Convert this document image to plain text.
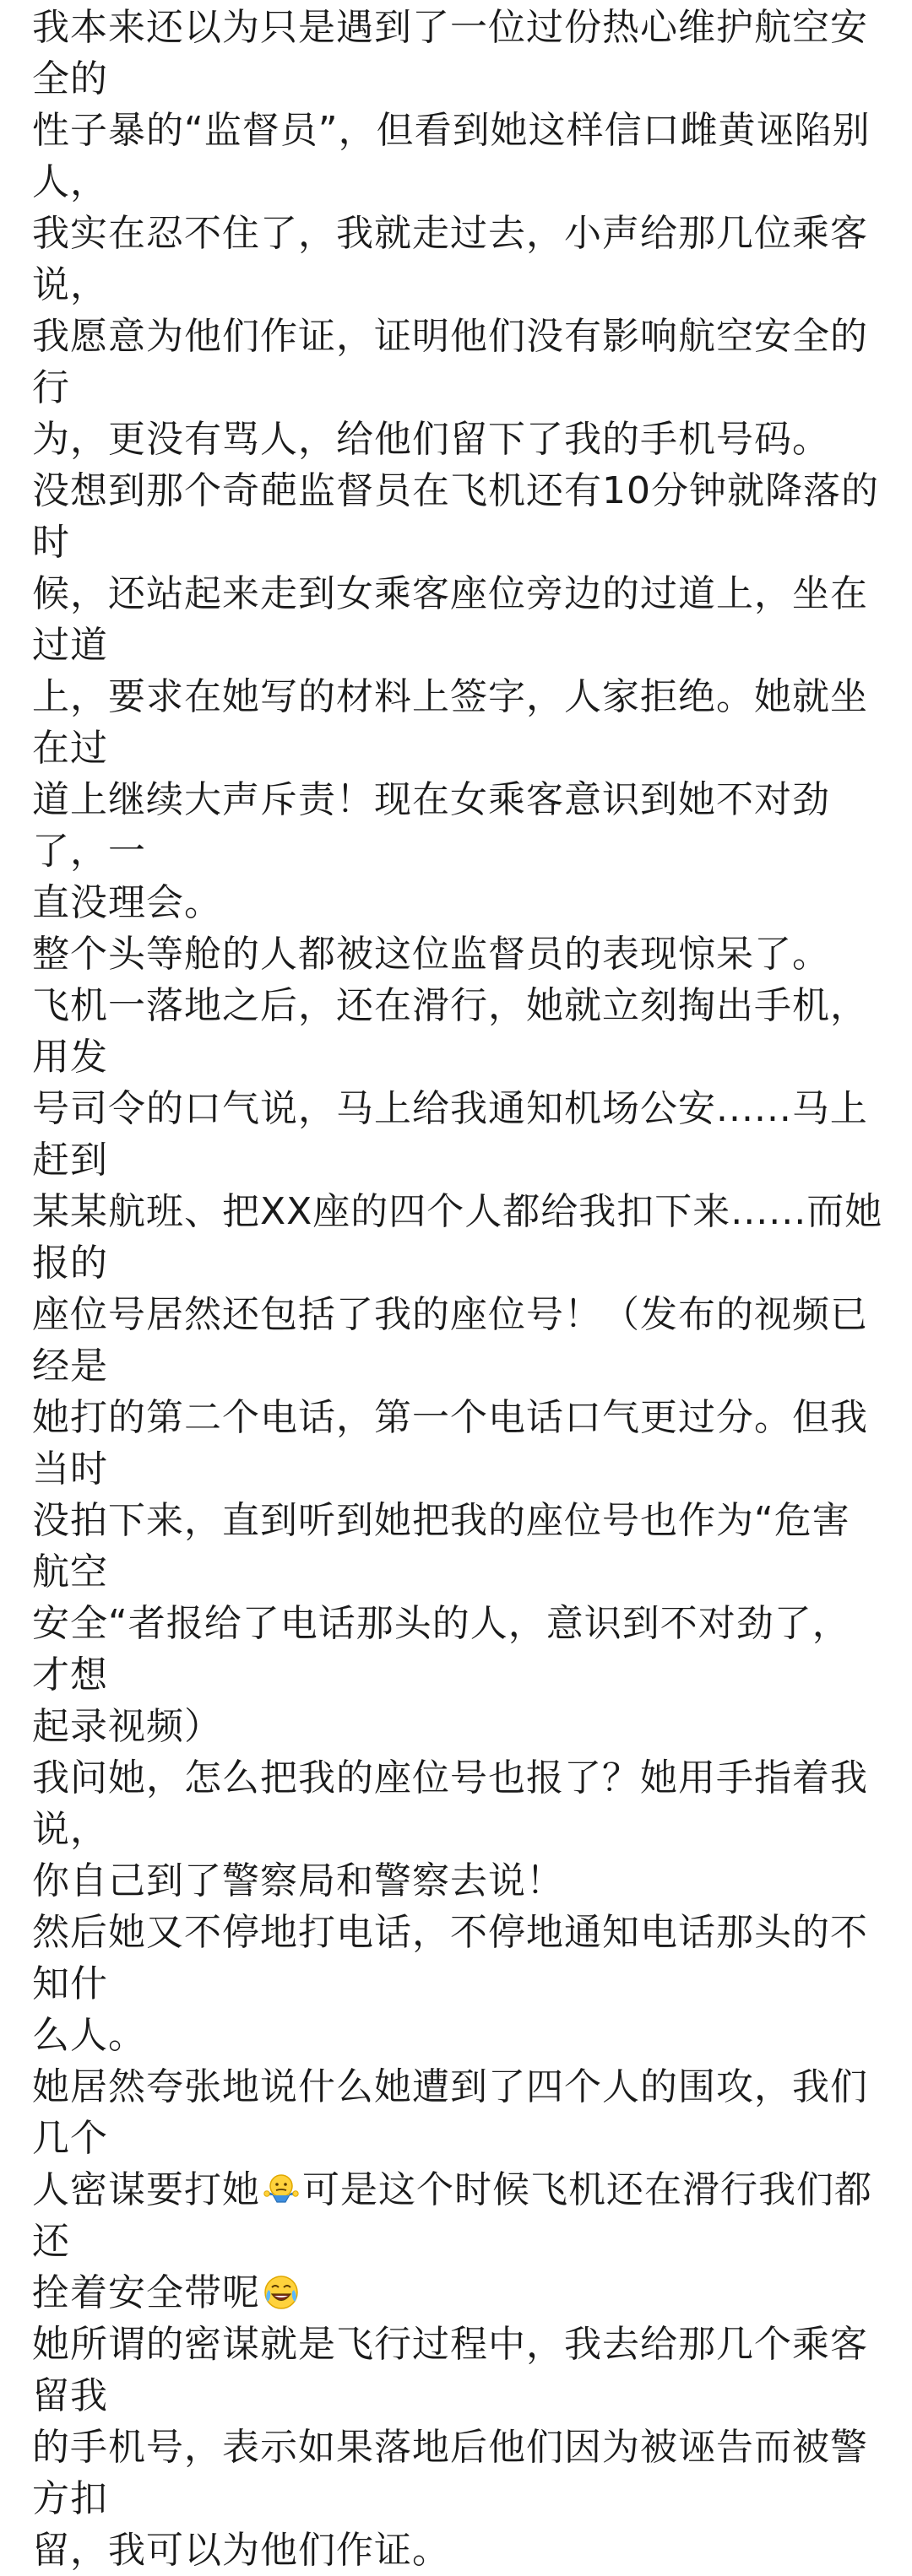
我本来还以为只是遇到了一位过份热心维护航空安全的
性子暴的“监督员”，但看到她这样信口雌黄诬陷别人，
我实在忍不住了，我就走过去，小声给那几位乘客说，
我愿意为他们作证，证明他们没有影响航空安全的行
为，更没有骂人，给他们留下了我的手机号码。

没想到那个奇葩监督员在飞机还有10分钟就降落的时
候，还站起来走到女乘客座位旁边的过道上，坐在过道
上，要求在她写的材料上签字，人家拒绝。她就坐在过
道上继续大声斥责！现在女乘客意识到她不对劲了，一
直没理会。

整个头等舱的人都被这位监督员的表现惊呆了。

飞机一落地之后，还在滑行，她就立刻掏出手机，用发
号司令的口气说，马上给我通知机场公安......马上赶到
某某航班、把XX座的四个人都给我扣下来......而她报的
座位号居然还包括了我的座位号！（发布的视频已经是
她打的第二个电话，第一个电话口气更过分。但我当时
没拍下来，直到听到她把我的座位号也作为“危害航空
安全“者报给了电话那头的人，意识到不对劲了，才想
起录视频）

我问她，怎么把我的座位号也报了？她用手指着我说，
你自己到了警察局和警察去说！

然后她又不停地打电话，不停地通知电话那头的不知什
么人。

她居然夸张地说什么她遭到了四个人的围攻，我们几个
人密谋要打她 可是这个时候飞机还在滑行我们都还
拴着安全带呢

她所谓的密谋就是飞行过程中，我去给那几个乘客留我
的手机号，表示如果落地后他们因为被诬告而被警方扣
留，我可以为他们作证。
